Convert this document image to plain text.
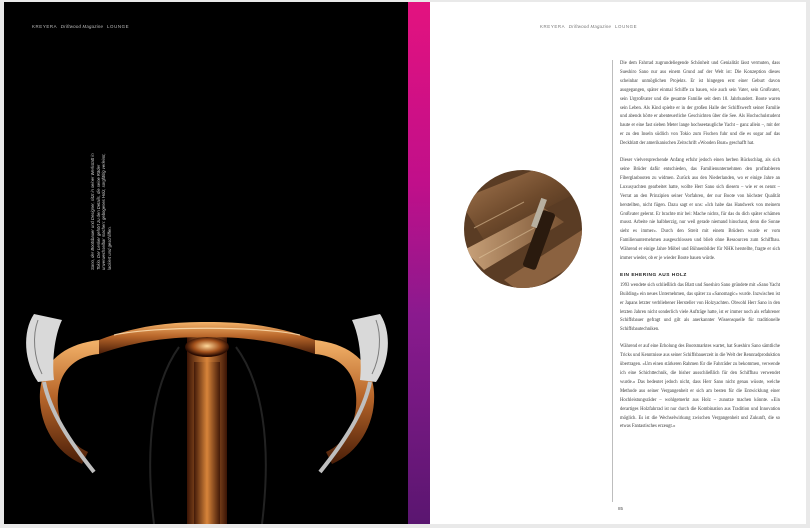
KREYERA Driftwood Magazine LOUNGE
Sano, der Bootsbauer und Designer, sitzt in seiner Werkstatt in Tokio. Der Lenker gehört zu den Details, die seine Räder unverwechselbar machen: gebogenes Holz, sorgfältig verleimt, lackiert und geschliffen.
KREYERA Driftwood Magazine LOUNGE

Die dem Fahrrad zugrundeliegende Schönheit und Genialität lässt vermuten, dass Sueshiro Sano nur aus einem Grund auf der Welt ist: Die Konzeption dieses scheinbar unmöglichen Projekts. Er ist hingegen erst einer Geburt davon ausgegangen, später einmal Schiffe zu bauen, wie auch sein Vater, sein Großvater, sein Urgroßvater und die gesamte Familie seit dem 18. Jahrhundert. Boote waren sein Leben. Als Kind spielte er in der großen Halle der Schiffswerft seiner Familie und abends hörte er abenteuerliche Geschichten über die See. Als Hochschulstudent baute er eine fast sieben Meter lange hochseetaugliche Yacht – ganz allein –, mit der er zu den Inseln südlich von Tokio zum Fischen fuhr und die es sogar auf das Deckblatt der amerikanischen Zeitschrift »Wooden Boat« geschafft hat.

Dieser vielversprechende Anfang erfuhr jedoch einen herben Rückschlag, als sich seine Brüder dafür entschieden, das Familienunternehmen den profitableren Fiberglasbooten zu widmen. Zurück aus den Niederlanden, wo er einige Jahre an Luxusyachten gearbeitet hatte, wollte Herr Sano sich diesem – wie er es nennt – Verrat an den Prinzipien seiner Vorfahren, der nur Boote von höchster Qualität herstellten, nicht fügen. Dazu sagt er uns: »Ich habe das Handwerk von meinem Großvater gelernt. Er brachte mir bei: Mache nichts, für das du dich später schämen musst. Arbeite nie halbherzig, nur weil gerade niemand hinschaut, denn die Sonne sieht es immer«. Durch den Streit mit einem Brüdern wurde er vom Familienunternehmen ausgeschlossen und blieb ohne Ressourcen zum Schiffbau. Während er einige Jahre Möbel und Bühnenbilder für NHK herstellte, fragte er sich immer wieder, ob er je wieder Boote bauen würde.

EIN EHERING AUS HOLZ

1993 wendete sich schließlich das Blatt und Sueshiro Sano gründete mit »Sano Yacht Building« ein neues Unternehmen, das später zu »Sanomagic« wurde. Inzwischen ist er Japans letzter verbliebener Hersteller von Holzyachten. Obwohl Herr Sano in den letzten Jahren nicht sonderlich viele Aufträge hatte, ist er immer noch als erfahrener Schiffsbauer gefragt und gilt als anerkannter Wissensquelle für traditionelle Schiffsbautechniken.

Während er auf eine Erholung des Bootsmarktes wartet, hat Sueshiro Sano sämtliche Tricks und Kenntnisse aus seiner Schiffsbauerzeit in die Welt der Rennradproduktion übertragen. »Um einen stärkeren Rahmen für die Fahrräder zu bekommen, verwende ich eine Schichttechnik, die bisher ausschließlich für den Schiffbau verwendet wurde.« Das bedeutet jedoch nicht, dass Herr Sano nicht genau wüsste, welche Methode aus seiner Vergangenheit er sich am besten für die Entwicklung einer Hochleistungsräder – wohlgemerkt aus Holz – zunutze machen könnte. »Ein derartiges Holzfahrrad ist nur durch die Kombination aus Tradition und Innovation möglich. Es ist die Wechselwirkung zwischen Vergangenheit und Zukunft, die so etwas Fantastisches erzeugt.«

85
